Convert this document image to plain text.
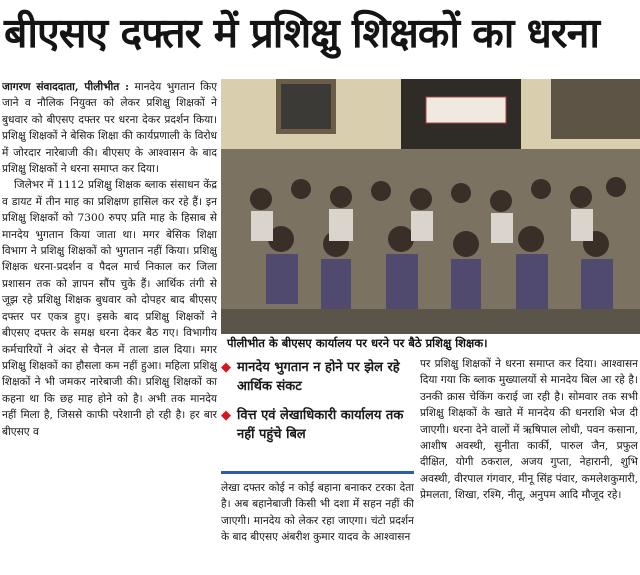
बीएसए दफ्तर में प्रशिक्षु शिक्षकों का धरना

जागरण संवाददाता, पीलीभीत : मानदेय भुगतान किए जाने व नौलिक नियुक्त को लेकर प्रशिक्षु शिक्षकों ने बुधवार को बीएसए दफ्तर पर धरना देकर प्रदर्शन किया। प्रशिक्षु शिक्षकों ने बेसिक शिक्षा की कार्यप्रणाली के विरोध में जोरदार नारेबाजी की। बीएसए के आश्वासन के बाद प्रशिक्षु शिक्षकों ने धरना समाप्त कर दिया।

जिलेभर में 1112 प्रशिक्षु शिक्षक ब्लाक संसाधन केंद्र व डायट में तीन माह का प्रशिक्षण हासिल कर रहे हैं। इन प्रशिक्षु शिक्षकों को 7300 रुपए प्रति माह के हिसाब से मानदेय भुगतान किया जाता था। मगर बेसिक शिक्षा विभाग ने प्रशिक्षु शिक्षकों को भुगतान नहीं किया। प्रशिक्षु शिक्षक धरना-प्रदर्शन व पैदल मार्च निकाल कर जिला प्रशासन तक को ज्ञापन सौंप चुके हैं। आर्थिक तंगी से जूझ रहे प्रशिक्षु शिक्षक बुधवार को दोपहर बाद बीएसए दफ्तर पर एकत्र हुए। इसके बाद प्रशिक्षु शिक्षकों ने बीएसए दफ्तर के समक्ष धरना देकर बैठ गए। विभागीय कर्मचारियों ने अंदर से चैनल में ताला डाल दिया। मगर प्रशिक्षु शिक्षकों का हौसला कम नहीं हुआ। महिला प्रशिक्षु शिक्षकों ने भी जमकर नारेबाजी की। प्रशिक्षु शिक्षकों का कहना था कि छह माह होने को है। अभी तक मानदेय नहीं मिला है, जिससे काफी परेशानी हो रही है। हर बार बीएसए व

पीलीभीत के बीएसए कार्यालय पर धरने पर बैठे प्रशिक्षु शिक्षक।
◆ मानदेय भुगतान न होने पर झेल रहे आर्थिक संकट
◆ वित्त एवं लेखाधिकारी कार्यालय तक नहीं पहुंचे बिल

लेखा दफ्तर कोई न कोई बहाना बनाकर टरका देता है। अब बहानेबाजी किसी भी दशा में सहन नहीं की जाएगी। मानदेय को लेकर रहा जाएगा। चंटो प्रदर्शन के बाद बीएसए अंबरीश कुमार यादव के आश्वासन

पर प्रशिक्षु शिक्षकों ने धरना समाप्त कर दिया। आश्वासन दिया गया कि ब्लाक मुख्यालयों से मानदेय बिल आ रहे है। उनकी क्रास चेकिंग कराई जा रही है। सोमवार तक सभी प्रशिक्षु शिक्षकों के खाते में मानदेय की धनराशि भेज दी जाएगी। धरना देने वालों में ऋषिपाल लोधी, पवन कसाना, आशीष अवस्थी, सुनीता कार्की, पारुल जैन, प्रफुल दीक्षित, योगी ठकराल, अजय गुप्ता, नेहारानी, शुभि अवस्थी, वीरपाल गंगवार, मीनू सिंह पंवार, कमलेशकुमारी, प्रेमलता, शिखा, रश्मि, नीतू, अनुपम आदि मौजूद रहे।
